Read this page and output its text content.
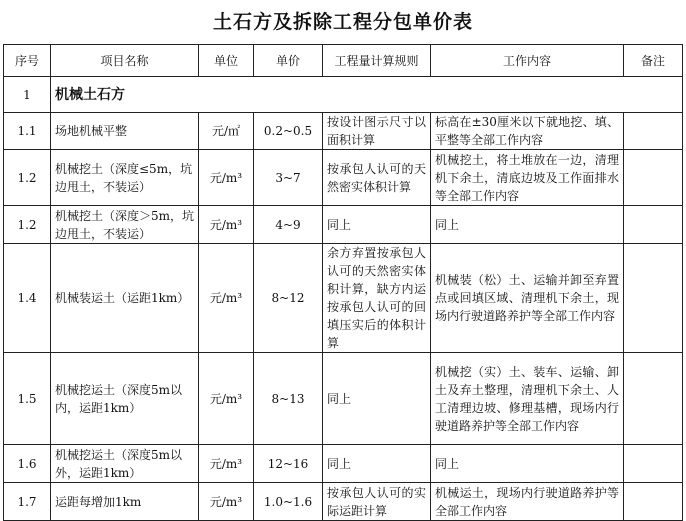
土石方及拆除工程分包单价表
序号	项目名称	单位	单价	工程量计算规则	工作内容	备注
1	机械土石方					
1.1	场地机械平整	元/㎡	0.2~0.5	按设计图示尺寸以面积计算	标高在±30厘米以下就地挖、填、平整等全部工作内容	
1.2	机械挖土（深度≤5m，坑边甩土，不装运）	元/m³	3~7	按承包人认可的天然密实体积计算	机械挖土，将土堆放在一边，清理机下余土，清底边坡及工作面排水等全部工作内容	
1.2	机械挖土（深度＞5m，坑边甩土，不装运）	元/m³	4~9	同上	同上	
1.4	机械装运土（运距1km）	元/m³	8~12	余方弃置按承包人认可的天然密实体积计算，缺方内运按承包人认可的回填压实后的体积计算	机械装（松）土、运输并卸至弃置点或回填区域、清理机下余土，现场内行驶道路养护等全部工作内容	
1.5	机械挖运土（深度5m以内，运距1km）	元/m³	8~13	同上	机械挖（实）土、装车、运输、卸土及弃土整理，清理机下余土、人工清理边坡、修理基槽，现场内行驶道路养护等全部工作内容	
1.6	机械挖运土（深度5m以外，运距1km）	元/m³	12~16	同上	同上	
1.7	运距每增加1km	元/m³	1.0~1.6	按承包人认可的实际运距计算	机械运土，现场内行驶道路养护等全部工作内容	
